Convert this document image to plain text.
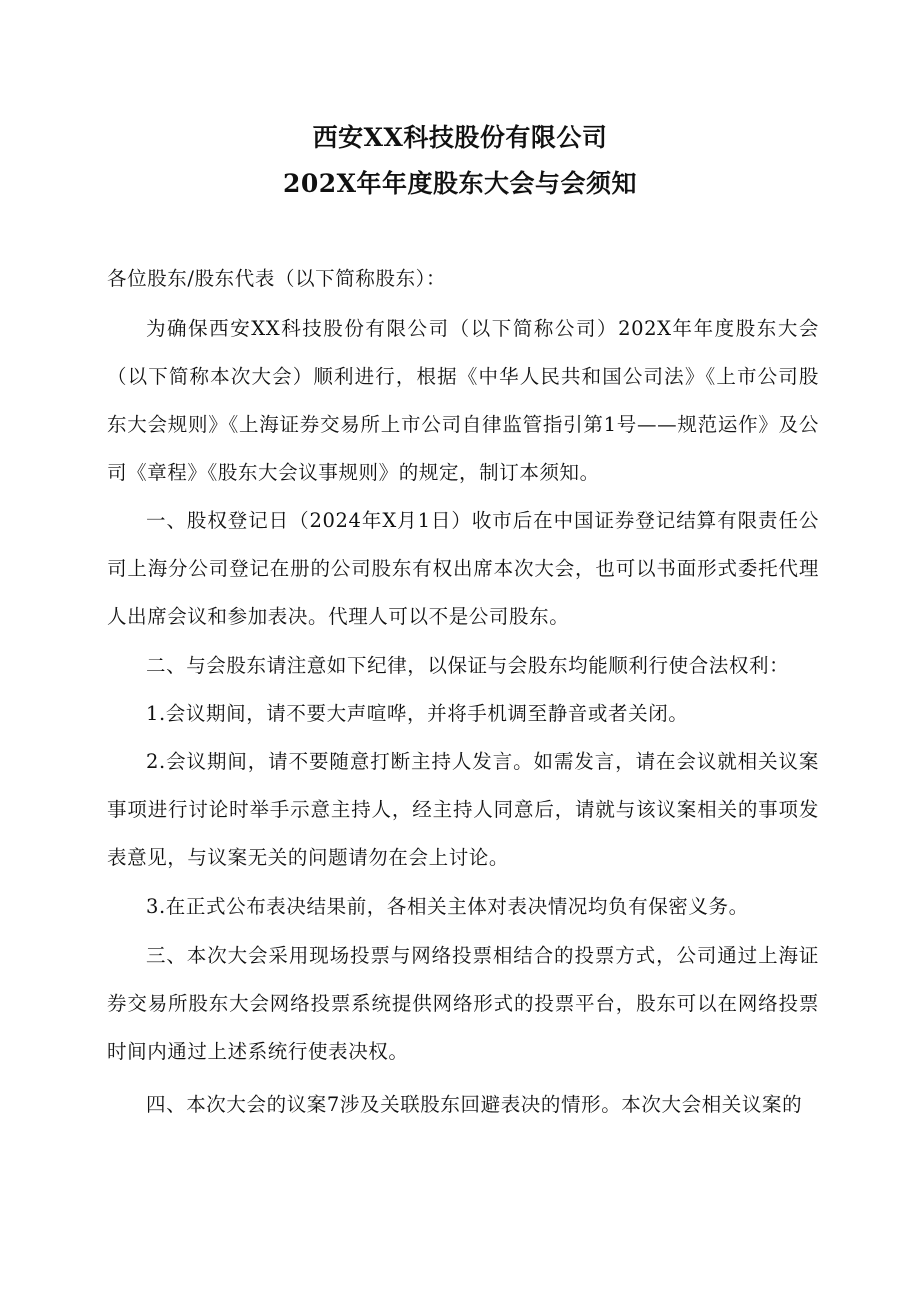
西安XX科技股份有限公司
202X年年度股东大会与会须知
各位股东/股东代表（以下简称股东）：
为确保西安XX科技股份有限公司（以下简称公司）202X年年度股东大会（以下简称本次大会）顺利进行，根据《中华人民共和国公司法》《上市公司股东大会规则》《上海证券交易所上市公司自律监管指引第1号——规范运作》及公司《章程》《股东大会议事规则》的规定，制订本须知。
一、股权登记日（2024年X月1日）收市后在中国证券登记结算有限责任公司上海分公司登记在册的公司股东有权出席本次大会，也可以书面形式委托代理人出席会议和参加表决。代理人可以不是公司股东。
二、与会股东请注意如下纪律，以保证与会股东均能顺利行使合法权利：
1.会议期间，请不要大声喧哗，并将手机调至静音或者关闭。
2.会议期间，请不要随意打断主持人发言。如需发言，请在会议就相关议案事项进行讨论时举手示意主持人，经主持人同意后，请就与该议案相关的事项发表意见，与议案无关的问题请勿在会上讨论。
3.在正式公布表决结果前，各相关主体对表决情况均负有保密义务。
三、本次大会采用现场投票与网络投票相结合的投票方式，公司通过上海证券交易所股东大会网络投票系统提供网络形式的投票平台，股东可以在网络投票时间内通过上述系统行使表决权。
四、本次大会的议案7涉及关联股东回避表决的情形。本次大会相关议案的
